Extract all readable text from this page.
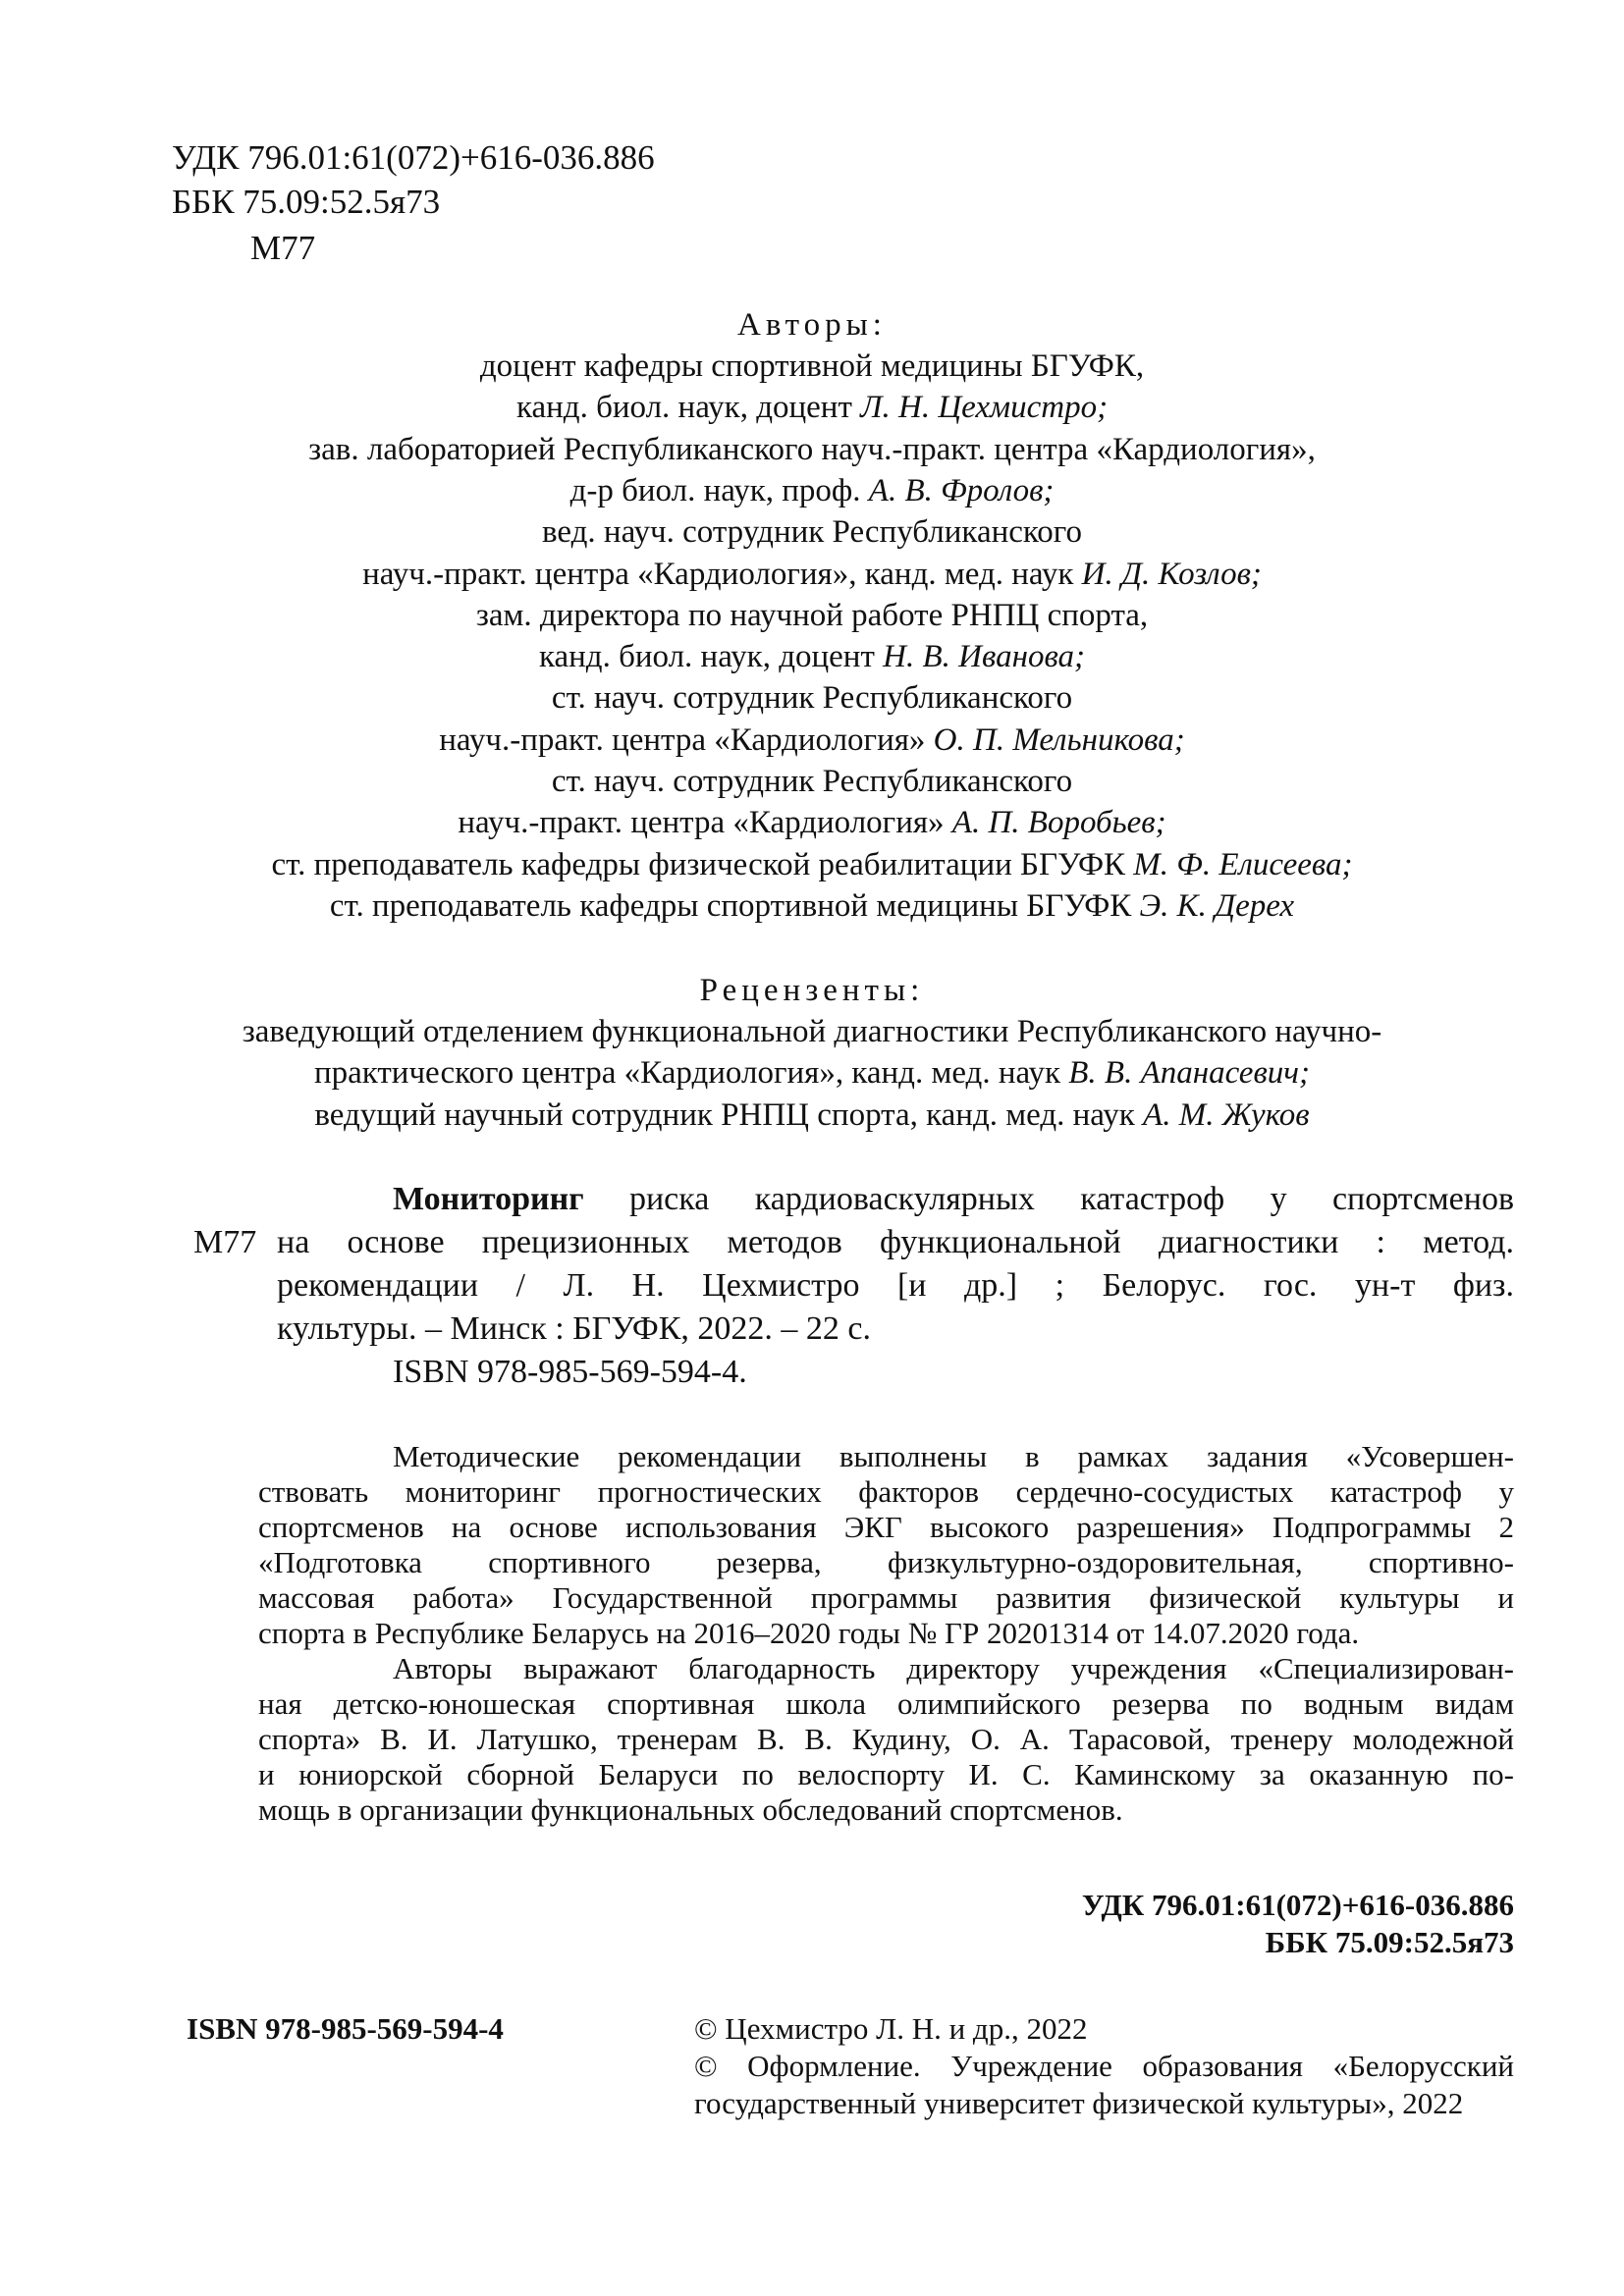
УДК 796.01:61(072)+616-036.886
ББК 75.09:52.5я73
М77
Авторы:
доцент кафедры спортивной медицины БГУФК,
канд. биол. наук, доцент Л. Н. Цехмистро;
зав. лабораторией Республиканского науч.-практ. центра «Кардиология»,
д-р биол. наук, проф. А. В. Фролов;
вед. науч. сотрудник Республиканского
науч.-практ. центра «Кардиология», канд. мед. наук И. Д. Козлов;
зам. директора по научной работе РНПЦ спорта,
канд. биол. наук, доцент Н. В. Иванова;
ст. науч. сотрудник Республиканского
науч.-практ. центра «Кардиология» О. П. Мельникова;
ст. науч. сотрудник Республиканского
науч.-практ. центра «Кардиология» А. П. Воробьев;
ст. преподаватель кафедры физической реабилитации БГУФК М. Ф. Елисеева;
ст. преподаватель кафедры спортивной медицины БГУФК Э. К. Дерех
Рецензенты:
заведующий отделением функциональной диагностики Республиканского научно-
практического центра «Кардиология», канд. мед. наук В. В. Апанасевич;
ведущий научный сотрудник РНПЦ спорта, канд. мед. наук А. М. Жуков
М77
Мониторинг риска кардиоваскулярных катастроф у спортсменов
на основе прецизионных методов функциональной диагностики : метод.
рекомендации / Л. Н. Цехмистро [и др.] ; Белорус. гос. ун-т физ.
культуры. – Минск : БГУФК, 2022. – 22 с.
ISBN 978-985-569-594-4.
Методические рекомендации выполнены в рамках задания «Усовершен-
ствовать мониторинг прогностических факторов сердечно-сосудистых катастроф у
спортсменов на основе использования ЭКГ высокого разрешения» Подпрограммы 2
«Подготовка спортивного резерва, физкультурно-оздоровительная, спортивно-
массовая работа» Государственной программы развития физической культуры и
спорта в Республике Беларусь на 2016–2020 годы № ГР 20201314 от 14.07.2020 года.
Авторы выражают благодарность директору учреждения «Специализирован-
ная детско-юношеская спортивная школа олимпийского резерва по водным видам
спорта» В. И. Латушко, тренерам В. В. Кудину, О. А. Тарасовой, тренеру молодежной
и юниорской сборной Беларуси по велоспорту И. С. Каминскому за оказанную по-
мощь в организации функциональных обследований спортсменов.
УДК 796.01:61(072)+616-036.886
ББК 75.09:52.5я73
ISBN 978-985-569-594-4	© Цехмистро Л. Н. и др., 2022
© Оформление. Учреждение образования «Белорусский
государственный университет физической культуры», 2022
